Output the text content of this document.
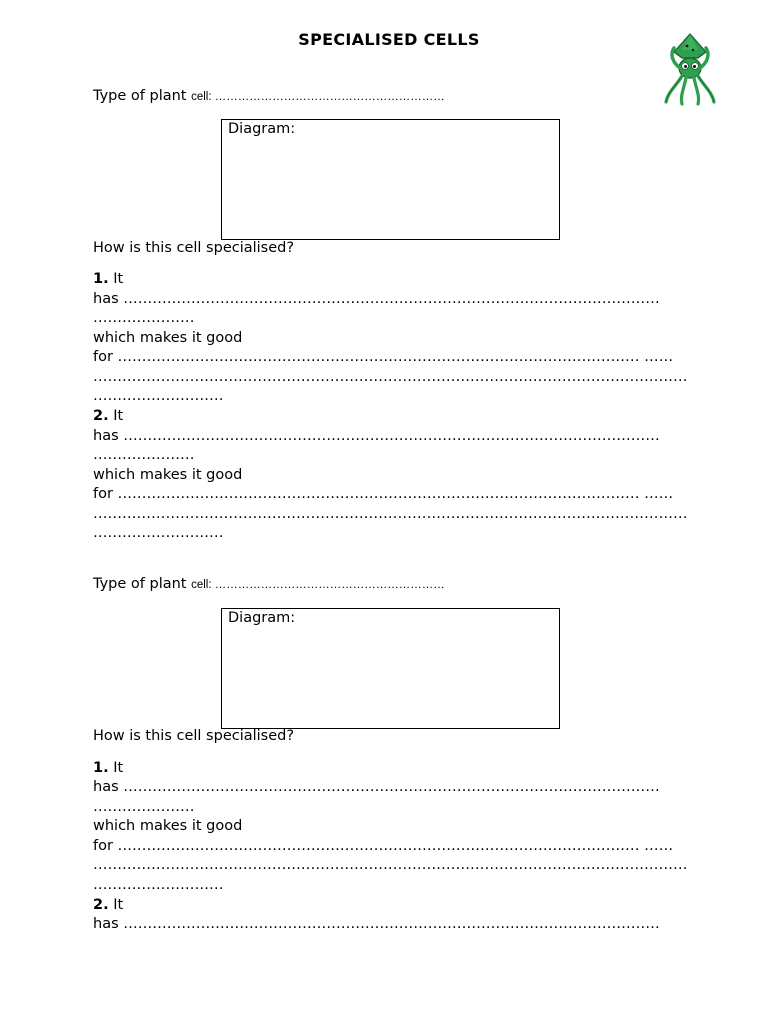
SPECIALISED CELLS
Type of plant cell: ……………………………………………………
Diagram:
How is this cell specialised?
1. It
has …………………………………………………………………………………………………
…………………
which makes it good
for ……………………………………………………………………………………………… ……
……………………………………………………………………………………………………………
………………………
2. It
has …………………………………………………………………………………………………
…………………
which makes it good
for ……………………………………………………………………………………………… ……
……………………………………………………………………………………………………………
………………………
Type of plant cell: ……………………………………………………
Diagram:
How is this cell specialised?
1. It
has …………………………………………………………………………………………………
…………………
which makes it good
for ……………………………………………………………………………………………… ……
……………………………………………………………………………………………………………
………………………
2. It
has …………………………………………………………………………………………………
